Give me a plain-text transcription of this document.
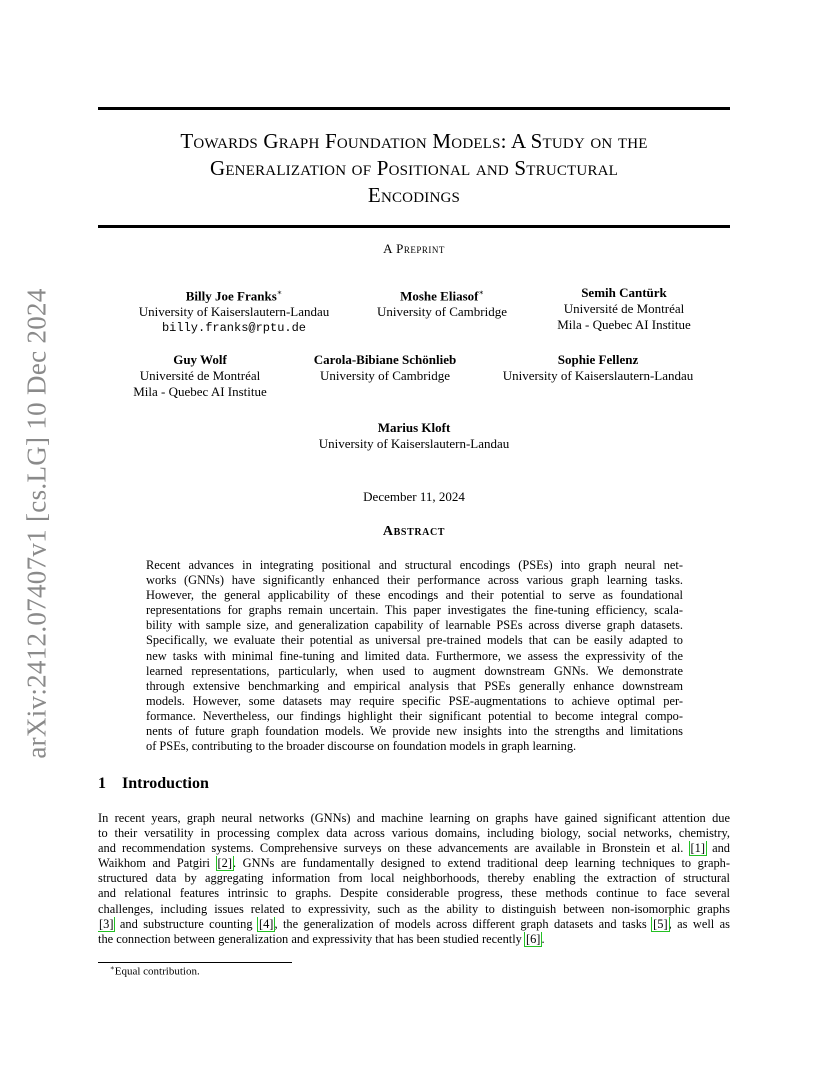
arXiv:2412.07407v1 [cs.LG] 10 Dec 2024
Towards Graph Foundation Models: A Study on the
Generalization of Positional and Structural
Encodings
A Preprint
Billy Joe Franks∗
University of Kaiserslautern-Landau
billy.franks@rptu.de
Moshe Eliasof∗
University of Cambridge
Semih Cantürk
Université de Montréal
Mila - Quebec AI Institue
Guy Wolf
Université de Montréal
Mila - Quebec AI Institue
Carola-Bibiane Schönlieb
University of Cambridge
Sophie Fellenz
University of Kaiserslautern-Landau
Marius Kloft
University of Kaiserslautern-Landau
December 11, 2024
Abstract
Recent advances in integrating positional and structural encodings (PSEs) into graph neural net-
works (GNNs) have significantly enhanced their performance across various graph learning tasks.
However, the general applicability of these encodings and their potential to serve as foundational
representations for graphs remain uncertain. This paper investigates the fine-tuning efficiency, scala-
bility with sample size, and generalization capability of learnable PSEs across diverse graph datasets.
Specifically, we evaluate their potential as universal pre-trained models that can be easily adapted to
new tasks with minimal fine-tuning and limited data. Furthermore, we assess the expressivity of the
learned representations, particularly, when used to augment downstream GNNs. We demonstrate
through extensive benchmarking and empirical analysis that PSEs generally enhance downstream
models. However, some datasets may require specific PSE-augmentations to achieve optimal per-
formance. Nevertheless, our findings highlight their significant potential to become integral compo-
nents of future graph foundation models. We provide new insights into the strengths and limitations
of PSEs, contributing to the broader discourse on foundation models in graph learning.
1 Introduction
In recent years, graph neural networks (GNNs) and machine learning on graphs have gained significant attention due
to their versatility in processing complex data across various domains, including biology, social networks, chemistry,
and recommendation systems. Comprehensive surveys on these advancements are available in Bronstein et al. [1] and
Waikhom and Patgiri [2]. GNNs are fundamentally designed to extend traditional deep learning techniques to graph-
structured data by aggregating information from local neighborhoods, thereby enabling the extraction of structural
and relational features intrinsic to graphs. Despite considerable progress, these methods continue to face several
challenges, including issues related to expressivity, such as the ability to distinguish between non-isomorphic graphs
[3] and substructure counting [4], the generalization of models across different graph datasets and tasks [5], as well as
the connection between generalization and expressivity that has been studied recently [6].
∗Equal contribution.
